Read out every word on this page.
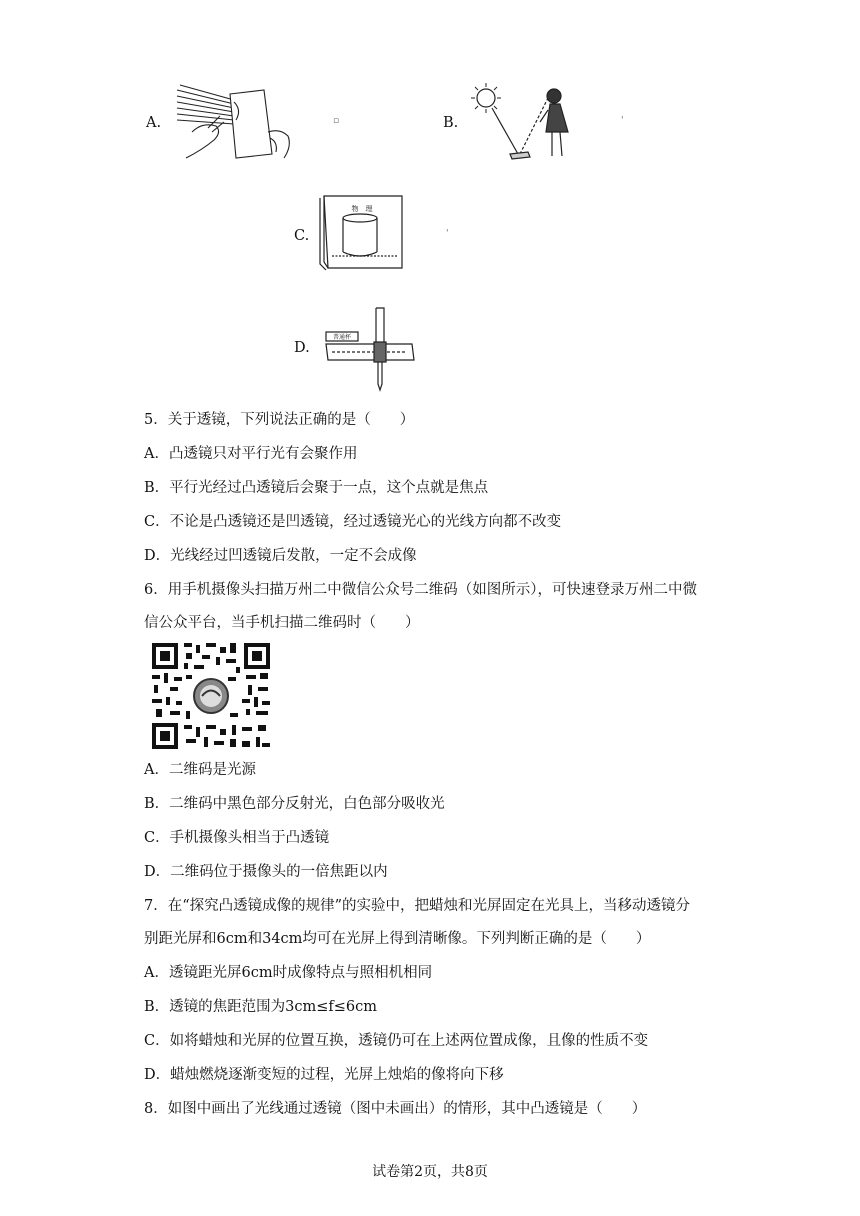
A.	▫	B.	'
C.
物　理
'
D.
普通杯
5．关于透镜，下列说法正确的是（　　）
A．凸透镜只对平行光有会聚作用
B．平行光经过凸透镜后会聚于一点，这个点就是焦点
C．不论是凸透镜还是凹透镜，经过透镜光心的光线方向都不改变
D．光线经过凹透镜后发散，一定不会成像
6．用手机摄像头扫描万州二中微信公众号二维码（如图所示），可快速登录万州二中微
信公众平台，当手机扫描二维码时（　　）
A．二维码是光源
B．二维码中黑色部分反射光，白色部分吸收光
C．手机摄像头相当于凸透镜
D．二维码位于摄像头的一倍焦距以内
7．在“探究凸透镜成像的规律”的实验中，把蜡烛和光屏固定在光具上，当移动透镜分
别距光屏和6cm和34cm均可在光屏上得到清晰像。下列判断正确的是（　　）
A．透镜距光屏6cm时成像特点与照相机相同
B．透镜的焦距范围为3cm≤f≤6cm
C．如将蜡烛和光屏的位置互换，透镜仍可在上述两位置成像，且像的性质不变
D．蜡烛燃烧逐渐变短的过程，光屏上烛焰的像将向下移
8．如图中画出了光线通过透镜（图中未画出）的情形，其中凸透镜是（　　）
试卷第2页，共8页
